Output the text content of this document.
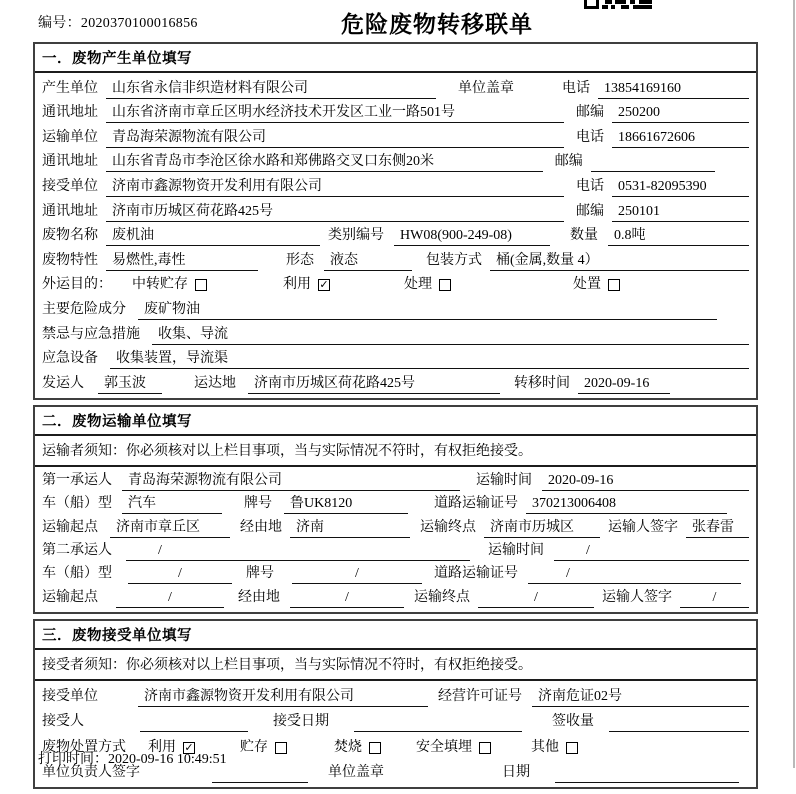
编号：2020370100016856	危险废物转移联单
一．废物产生单位填写
产生单位	山东省永信非织造材料有限公司	单位盖章	电话	13854169160
通讯地址	山东省济南市章丘区明水经济技术开发区工业一路501号	邮编	250200
运输单位	青岛海荣源物流有限公司	电话	18661672606
通讯地址	山东省青岛市李沧区徐水路和郑佛路交叉口东侧20米	邮编
接受单位	济南市鑫源物资开发利用有限公司	电话	0531-82095390
通讯地址	济南市历城区荷花路425号	邮编	250101
废物名称	废机油	类别编号	HW08(900-249-08)	数量	0.8吨
废物特性	易燃性,毒性	形态	液态	包装方式	桶(金属,数量 4）
外运目的： 中转贮存	利用 ✓	处理	处置
主要危险成分	废矿物油
禁忌与应急措施	收集、导流
应急设备	收集装置，导流渠
发运人	郭玉波	运达地	济南市历城区荷花路425号	转移时间	2020-09-16
二．废物运输单位填写
运输者须知：你必须核对以上栏目事项，当与实际情况不符时，有权拒绝接受。
第一承运人	青岛海荣源物流有限公司	运输时间	2020-09-16
车（船）型	汽车	牌号	鲁UK8120	道路运输证号	370213006408
运输起点	济南市章丘区	经由地	济南	运输终点	济南市历城区	运输人签字	张春雷
第二承运人	/	运输时间	/
车（船）型	/	牌号	/	道路运输证号	/
运输起点	/	经由地	/	运输终点	/	运输人签字	/
三．废物接受单位填写
接受者须知：你必须核对以上栏目事项，当与实际情况不符时，有权拒绝接受。
接受单位	济南市鑫源物资开发利用有限公司	经营许可证号	济南危证02号
接受人	接受日期	签收量
废物处置方式 利用 ✓	贮存	焚烧	安全填埋	其他
单位负责人签字	单位盖章	日期
打印时间：2020-09-16 10:49:51
